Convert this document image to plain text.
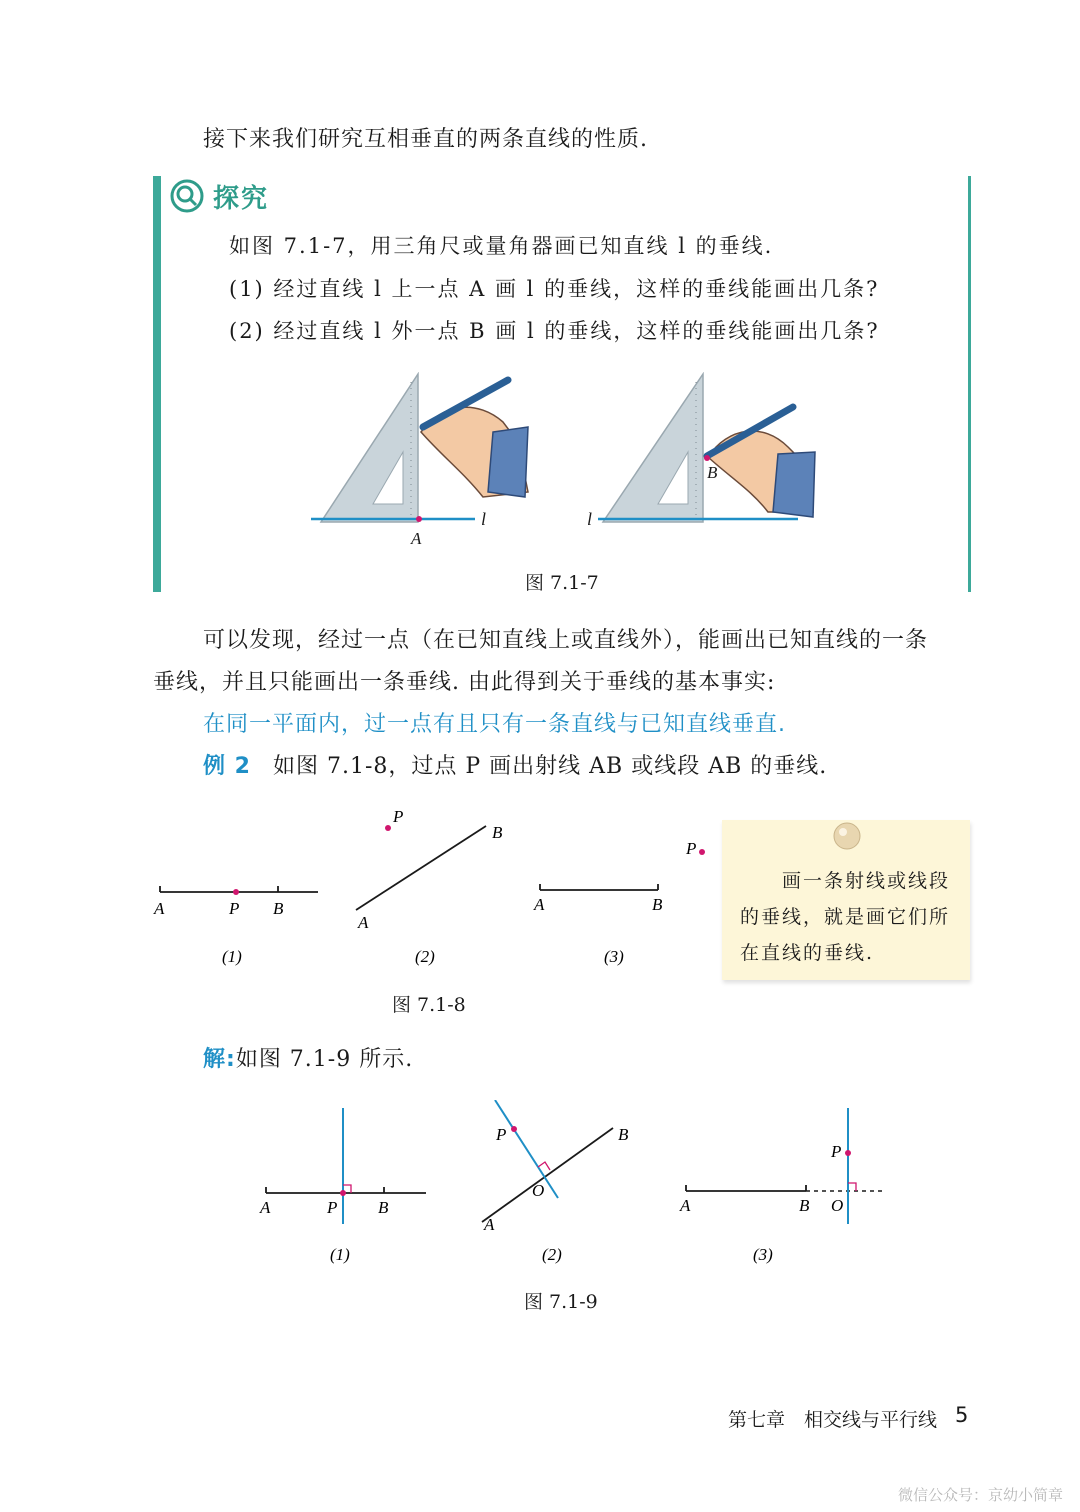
接下来我们研究互相垂直的两条直线的性质.
探究
如图 7.1-7，用三角尺或量角器画已知直线 l 的垂线.
(1) 经过直线 l 上一点 A 画 l 的垂线，这样的垂线能画出几条?
(2) 经过直线 l 外一点 B 画 l 的垂线，这样的垂线能画出几条?
A
l
B
l
图 7.1-7
可以发现，经过一点（在已知直线上或直线外），能画出已知直线的一条
垂线，并且只能画出一条垂线. 由此得到关于垂线的基本事实:
在同一平面内，过一点有且只有一条直线与已知直线垂直.
例 2 如图 7.1-8，过点 P 画出射线 AB 或线段 AB 的垂线.
A	P B
(1)
P
B
A
(2)
P
A	B
(3)
图 7.1-8
画一条射线或线段
的垂线，就是画它们所
在直线的垂线.
解:如图 7.1-9 所示.
A	P B
(1)
P	B
O
A
(2)
P
A	B O
(3)
图 7.1-9
第七章　相交线与平行线 5
微信公众号：京幼小简章
